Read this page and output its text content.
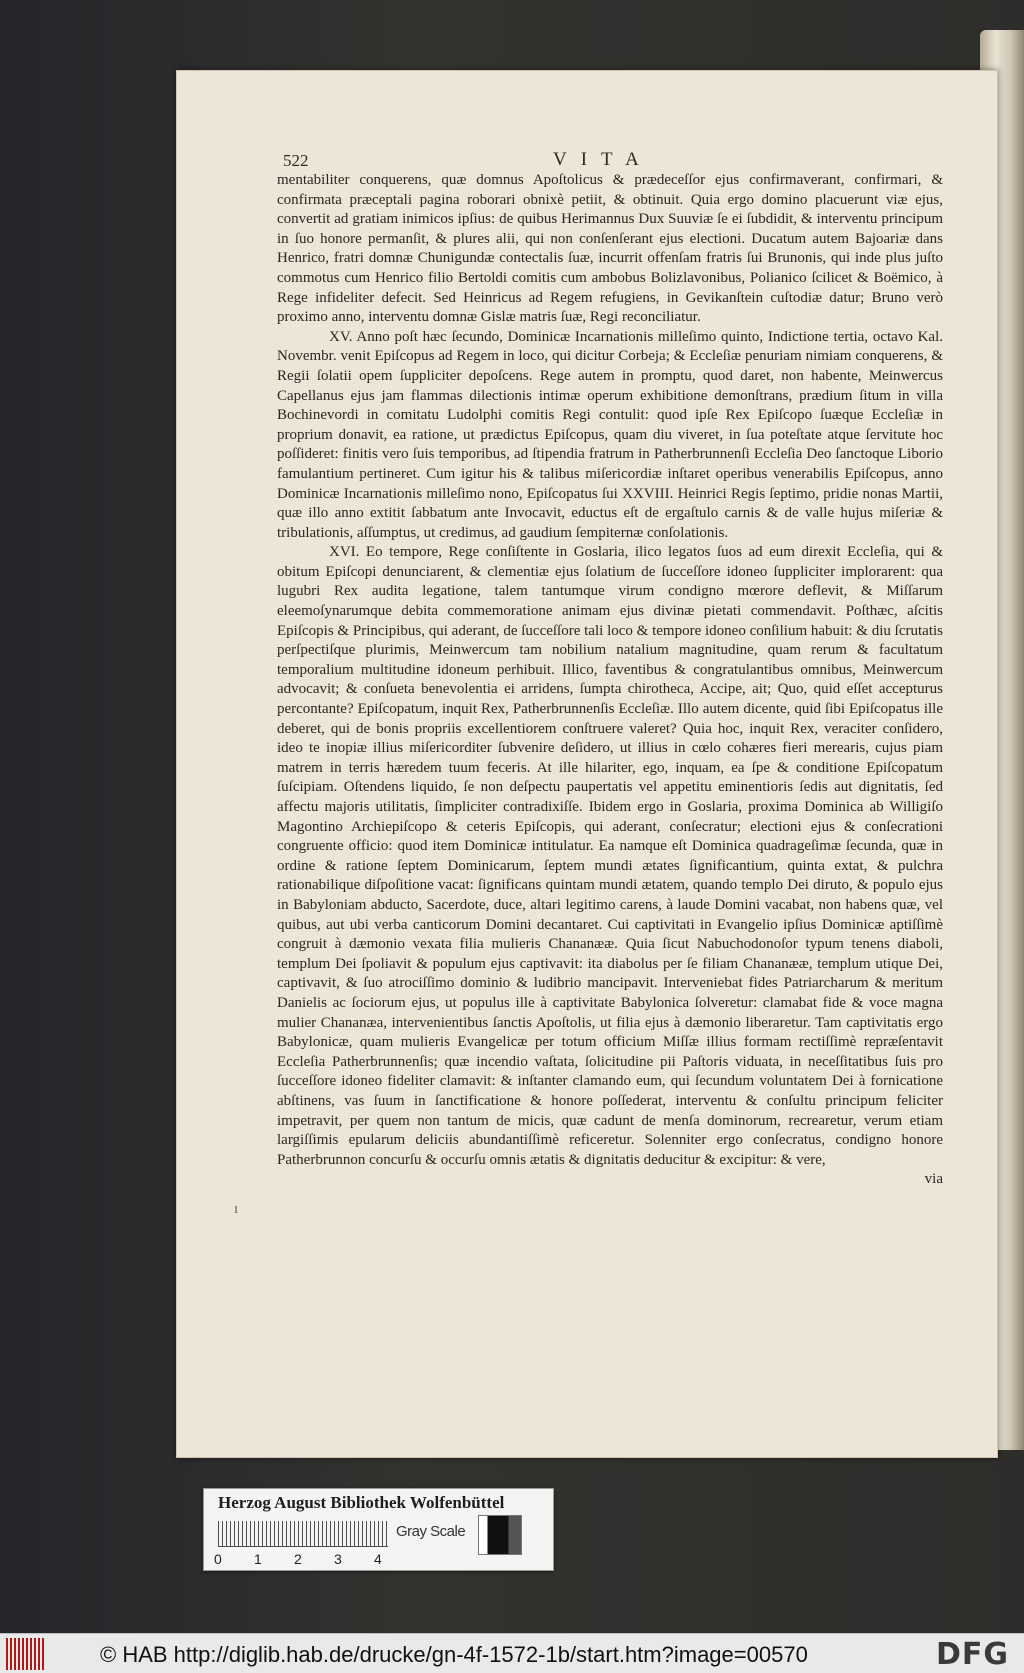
522	VITA
ı

mentabiliter conquerens, quæ domnus Apoſtolicus & prædeceſſor ejus confirmaverant, confirmari, & confirmata præceptali pagina roborari obnixè petiit, & obtinuit. Quia ergo domino placuerunt viæ ejus, convertit ad gratiam inimicos ipſius: de quibus Herimannus Dux Suuviæ ſe ei ſubdidit, & interventu principum in ſuo honore permanſit, & plures alii, qui non conſenſerant ejus electioni. Ducatum autem Bajoariæ dans Henrico, fratri domnæ Chunigundæ contectalis ſuæ, incurrit offenſam fratris ſui Brunonis, qui inde plus juſto commotus cum Henrico filio Bertoldi comitis cum ambobus Bolizlavonibus, Polianico ſcilicet & Boëmico, à Rege infideliter defecit. Sed Heinricus ad Regem refugiens, in Gevikanſtein cuſtodiæ datur; Bruno verò proximo anno, interventu domnæ Gislæ matris ſuæ, Regi reconciliatur.

XV. Anno poſt hæc ſecundo, Dominicæ Incarnationis milleſimo quinto, Indictione tertia, octavo Kal. Novembr. venit Epiſcopus ad Regem in loco, qui dicitur Corbeja; & Eccleſiæ penuriam nimiam conquerens, & Regii ſolatii opem ſuppliciter depoſcens. Rege autem in promptu, quod daret, non habente, Meinwercus Capellanus ejus jam flammas dilectionis intimæ operum exhibitione demonſtrans, prædium ſitum in villa Bochinevordi in comitatu Ludolphi comitis Regi contulit: quod ipſe Rex Epiſcopo ſuæque Eccleſiæ in proprium donavit, ea ratione, ut prædictus Epiſcopus, quam diu viveret, in ſua poteſtate atque ſervitute hoc poſſideret: finitis vero ſuis temporibus, ad ſtipendia fratrum in Patherbrunnenſi Eccleſia Deo ſanctoque Liborio famulantium pertineret. Cum igitur his & talibus miſericordiæ inſtaret operibus venerabilis Epiſcopus, anno Dominicæ Incarnationis milleſimo nono, Epiſcopatus ſui XXVIII. Heinrici Regis ſeptimo, pridie nonas Martii, quæ illo anno extitit ſabbatum ante Invocavit, eductus eſt de ergaſtulo carnis & de valle hujus miſeriæ & tribulationis, aſſumptus, ut credimus, ad gaudium ſempiternæ conſolationis.

XVI. Eo tempore, Rege conſiſtente in Goslaria, ilico legatos ſuos ad eum direxit Eccleſia, qui & obitum Epiſcopi denunciarent, & clementiæ ejus ſolatium de ſucceſſore idoneo ſuppliciter implorarent: qua lugubri Rex audita legatione, talem tantumque virum condigno mœrore deflevit, & Miſſarum eleemoſynarumque debita commemoratione animam ejus divinæ pietati commendavit. Poſthæc, aſcitis Epiſcopis & Principibus, qui aderant, de ſucceſſore tali loco & tempore idoneo conſilium habuit: & diu ſcrutatis perſpectiſque plurimis, Meinwercum tam nobilium natalium magnitudine, quam rerum & facultatum temporalium multitudine idoneum perhibuit. Illico, faventibus & congratulantibus omnibus, Meinwercum advocavit; & conſueta benevolentia ei arridens, ſumpta chirotheca, Accipe, ait; Quo, quid eſſet accepturus percontante? Epiſcopatum, inquit Rex, Patherbrunnenſis Eccleſiæ. Illo autem dicente, quid ſibi Epiſcopatus ille deberet, qui de bonis propriis excellentiorem conſtruere valeret? Quia hoc, inquit Rex, veraciter conſidero, ideo te inopiæ illius miſericorditer ſubvenire deſidero, ut illius in cœlo cohæres fieri merearis, cujus piam matrem in terris hæredem tuum feceris. At ille hilariter, ego, inquam, ea ſpe & conditione Epiſcopatum ſuſcipiam. Oſtendens liquido, ſe non deſpectu paupertatis vel appetitu eminentioris ſedis aut dignitatis, ſed affectu majoris utilitatis, ſimpliciter contradixiſſe. Ibidem ergo in Goslaria, proxima Dominica ab Willigiſo Magontino Archiepiſcopo & ceteris Epiſcopis, qui aderant, conſecratur; electioni ejus & conſecrationi congruente officio: quod item Dominicæ intitulatur. Ea namque eſt Dominica quadrageſimæ ſecunda, quæ in ordine & ratione ſeptem Dominicarum, ſeptem mundi ætates ſignificantium, quinta extat, & pulchra rationabilique diſpoſitione vacat: ſignificans quintam mundi ætatem, quando templo Dei diruto, & populo ejus in Babyloniam abducto, Sacerdote, duce, altari legitimo carens, à laude Domini vacabat, non habens quæ, vel quibus, aut ubi verba canticorum Domini decantaret. Cui captivitati in Evangelio ipſius Dominicæ aptiſſimè congruit à dæmonio vexata filia mulieris Chananææ. Quia ſicut Nabuchodonoſor typum tenens diaboli, templum Dei ſpoliavit & populum ejus captivavit: ita diabolus per ſe filiam Chananææ, templum utique Dei, captivavit, & ſuo atrociſſimo dominio & ludibrio mancipavit. Interveniebat fides Patriarcharum & meritum Danielis ac ſociorum ejus, ut populus ille à captivitate Babylonica ſolveretur: clamabat fide & voce magna mulier Chananæa, intervenientibus ſanctis Apoſtolis, ut filia ejus à dæmonio liberaretur. Tam captivitatis ergo Babylonicæ, quam mulieris Evangelicæ per totum officium Miſſæ illius formam rectiſſimè repræſentavit Eccleſia Patherbrunnenſis; quæ incendio vaſtata, ſolicitudine pii Paſtoris viduata, in neceſſitatibus ſuis pro ſucceſſore idoneo fideliter clamavit: & inſtanter clamando eum, qui ſecundum voluntatem Dei à fornicatione abſtinens, vas ſuum in ſanctificatione & honore poſſederat, interventu & conſultu principum feliciter impetravit, per quem non tantum de micis, quæ cadunt de menſa dominorum, recrearetur, verum etiam largiſſimis epularum deliciis abundantiſſimè reficeretur. Solenniter ergo conſecratus, condigno honore Patherbrunnon concurſu & occurſu omnis ætatis & dignitatis deducitur & excipitur: & vere,

via
Herzog August Bibliothek Wolfenbüttel
0 1 2 3 4
Gray Scale
© HAB http://diglib.hab.de/drucke/gn-4f-1572-1b/start.htm?image=00570	DFG
